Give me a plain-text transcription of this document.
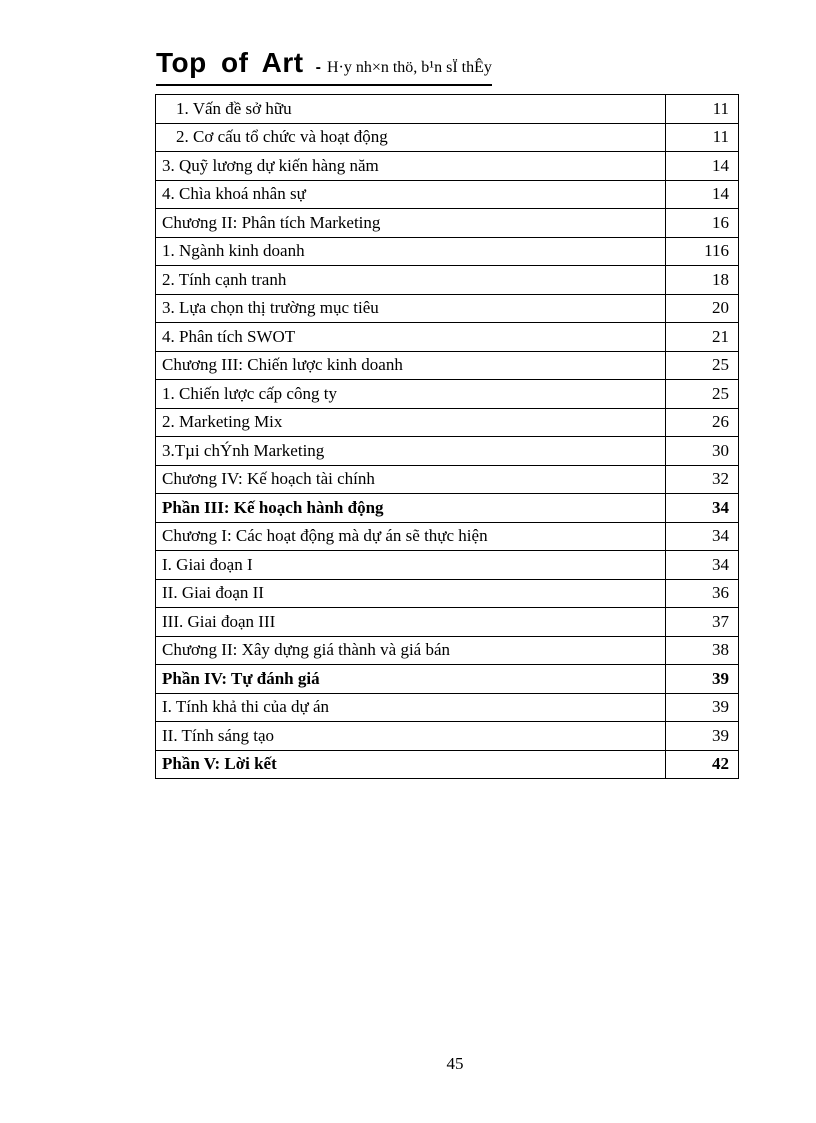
Top of Art - H·y nh×n thö, b¹n sÏ thÊy
1. Vấn đề sở hữu	11
2. Cơ cấu tổ chức và hoạt động	11
3. Quỹ lương dự kiến hàng năm	14
4. Chìa khoá nhân sự	14
Chương II: Phân tích Marketing	16
1. Ngành kinh doanh	116
2. Tính cạnh tranh	18
3. Lựa chọn thị trường mục tiêu	20
4. Phân tích SWOT	21
Chương III: Chiến lược kinh doanh	25
1. Chiến lược cấp công ty	25
2. Marketing Mix	26
3.Tµi chÝnh Marketing	30
Chương IV: Kế hoạch tài chính	32
Phần III: Kế hoạch hành động	34
Chương I: Các hoạt động mà dự án sẽ thực hiện	34
I. Giai đoạn I	34
II. Giai đoạn II	36
III. Giai đoạn III	37
Chương II: Xây dựng giá thành và giá bán	38
Phần IV: Tự đánh giá	39
I. Tính khả thi của dự án	39
II. Tính sáng tạo	39
Phần V: Lời kết	42
45
